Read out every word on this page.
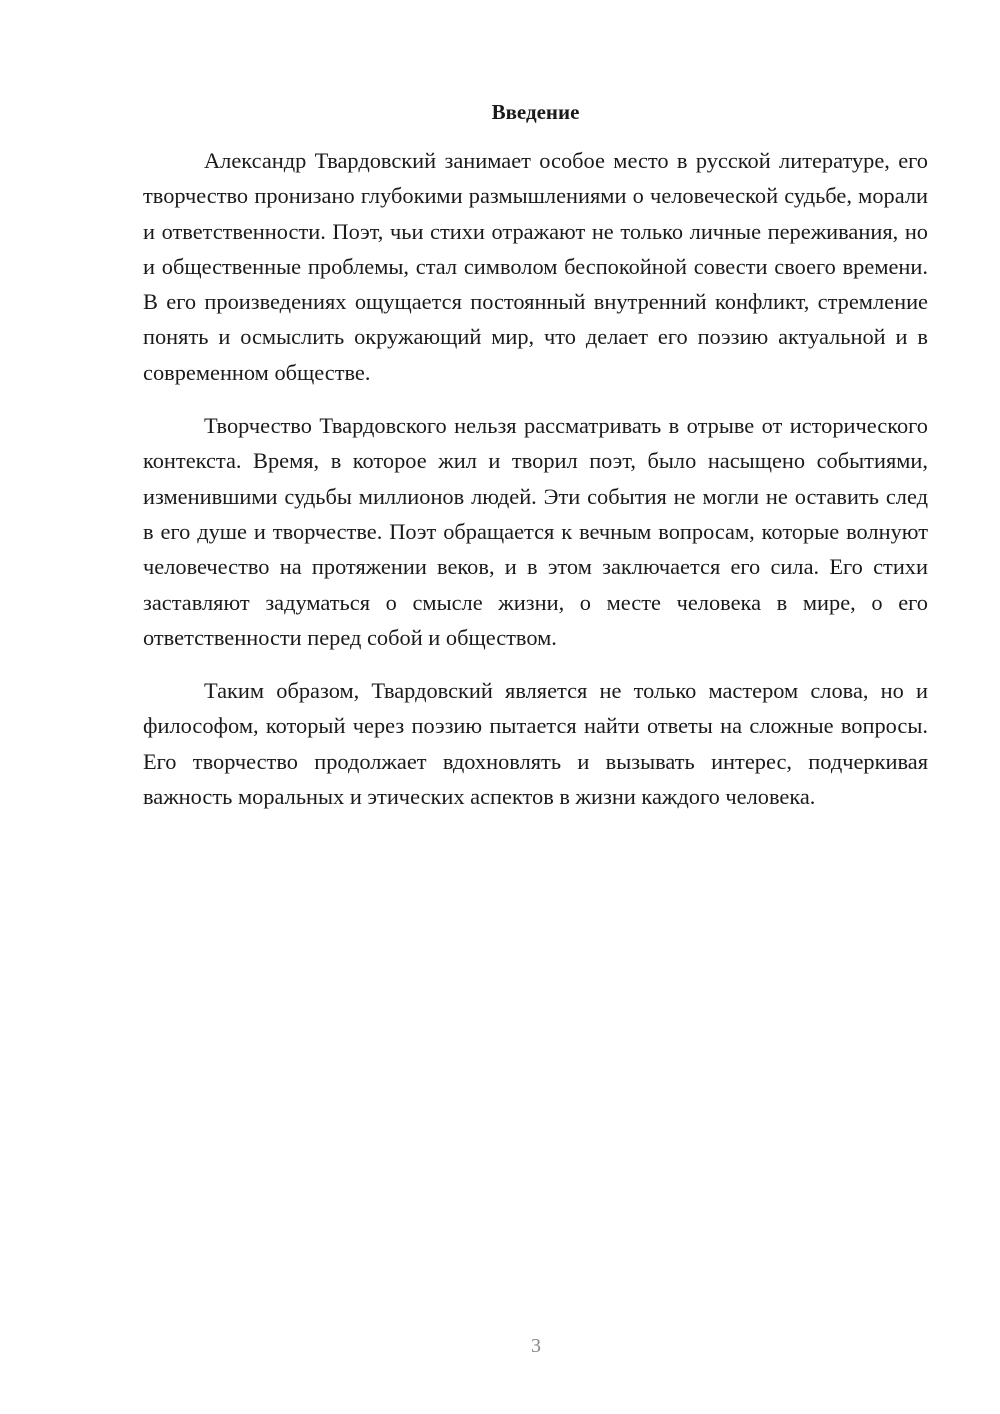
Введение

Александр Твардовский занимает особое место в русской литературе, его творчество пронизано глубокими размышлениями о человеческой судьбе, морали и ответственности. Поэт, чьи стихи отражают не только личные переживания, но и общественные проблемы, стал символом беспокойной совести своего времени. В его произведениях ощущается постоянный внутренний конфликт, стремление понять и осмыслить окружающий мир, что делает его поэзию актуальной и в современном обществе.

Творчество Твардовского нельзя рассматривать в отрыве от исторического контекста. Время, в которое жил и творил поэт, было насыщено событиями, изменившими судьбы миллионов людей. Эти события не могли не оставить след в его душе и творчестве. Поэт обращается к вечным вопросам, которые волнуют человечество на протяжении веков, и в этом заключается его сила. Его стихи заставляют задуматься о смысле жизни, о месте человека в мире, о его ответственности перед собой и обществом.

Таким образом, Твардовский является не только мастером слова, но и философом, который через поэзию пытается найти ответы на сложные вопросы. Его творчество продолжает вдохновлять и вызывать интерес, подчеркивая важность моральных и этических аспектов в жизни каждого человека.

3
